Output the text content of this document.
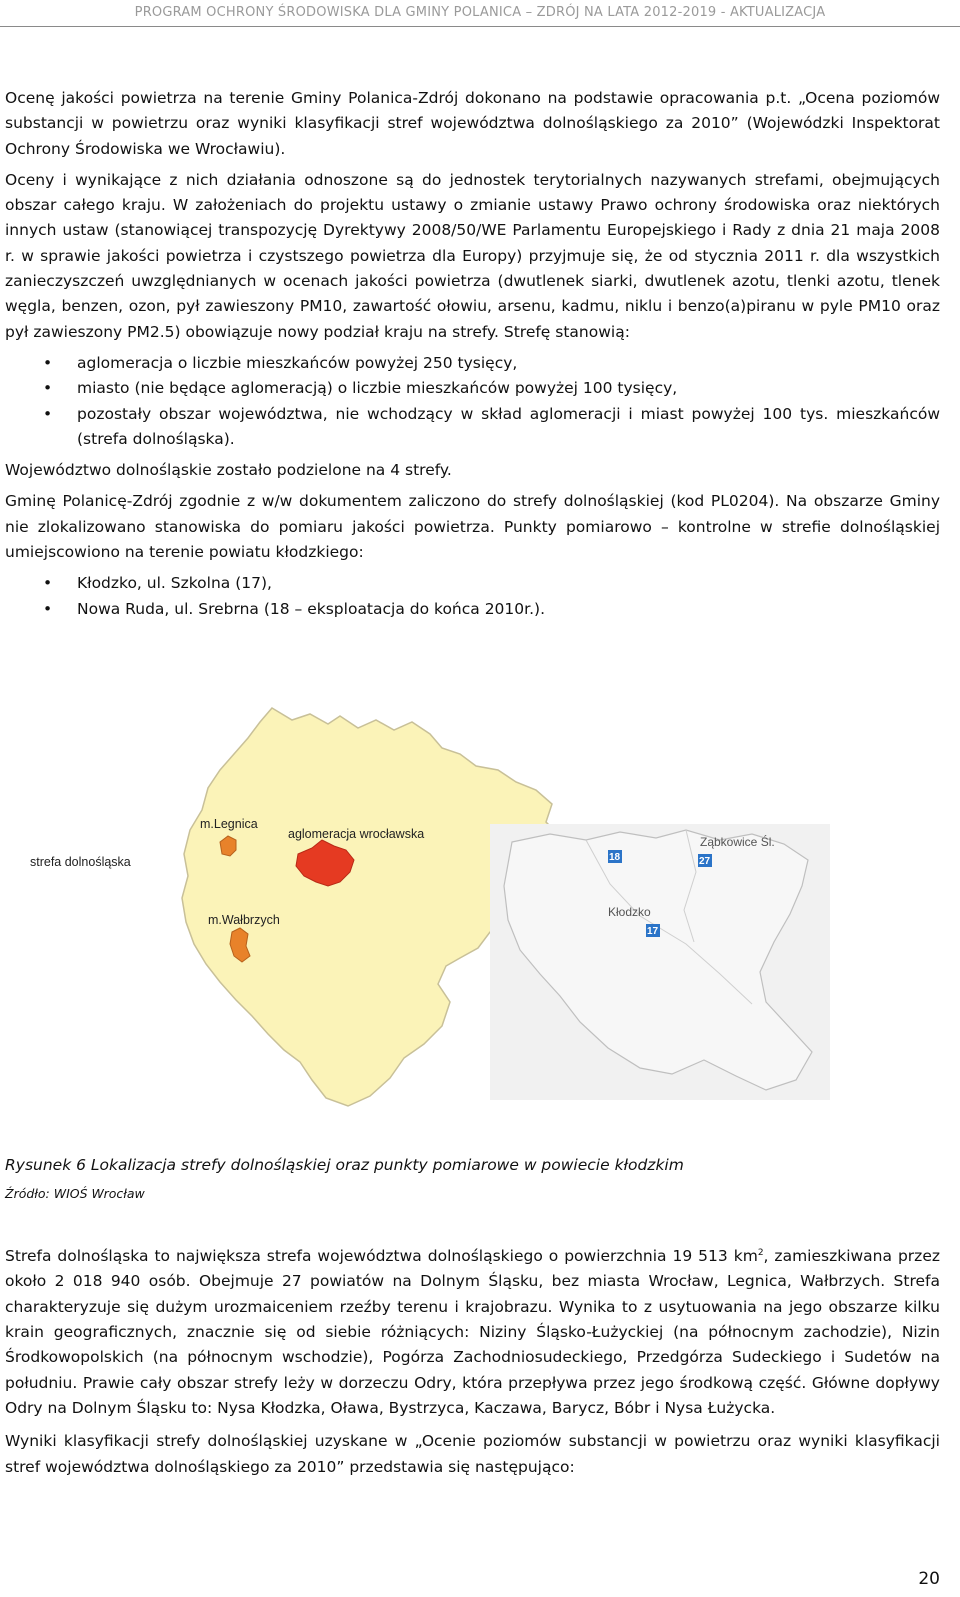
PROGRAM OCHRONY ŚRODOWISKA DLA GMINY POLANICA – ZDRÓJ NA LATA 2012-2019 - AKTUALIZACJA

Ocenę jakości powietrza na terenie Gminy Polanica-Zdrój dokonano na podstawie opracowania p.t. „Ocena poziomów substancji w powietrzu oraz wyniki klasyfikacji stref województwa dolnośląskiego za 2010” (Wojewódzki Inspektorat Ochrony Środowiska we Wrocławiu).

Oceny i wynikające z nich działania odnoszone są do jednostek terytorialnych nazywanych strefami, obejmujących obszar całego kraju. W założeniach do projektu ustawy o zmianie ustawy Prawo ochrony środowiska oraz niektórych innych ustaw (stanowiącej transpozycję Dyrektywy 2008/50/WE Parlamentu Europejskiego i Rady z dnia 21 maja 2008 r. w sprawie jakości powietrza i czystszego powietrza dla Europy) przyjmuje się, że od stycznia 2011 r. dla wszystkich zanieczyszczeń uwzględnianych w ocenach jakości powietrza (dwutlenek siarki, dwutlenek azotu, tlenki azotu, tlenek węgla, benzen, ozon, pył zawieszony PM10, zawartość ołowiu, arsenu, kadmu, niklu i benzo(a)piranu w pyle PM10 oraz pył zawieszony PM2.5) obowiązuje nowy podział kraju na strefy. Strefę stanowią:

• aglomeracja o liczbie mieszkańców powyżej 250 tysięcy,
• miasto (nie będące aglomeracją) o liczbie mieszkańców powyżej 100 tysięcy,
• pozostały obszar województwa, nie wchodzący w skład aglomeracji i miast powyżej 100 tys. mieszkańców (strefa dolnośląska).

Województwo dolnośląskie zostało podzielone na 4 strefy.

Gminę Polanicę-Zdrój zgodnie z w/w dokumentem zaliczono do strefy dolnośląskiej (kod PL0204). Na obszarze Gminy nie zlokalizowano stanowiska do pomiaru jakości powietrza. Punkty pomiarowo – kontrolne w strefie dolnośląskiej umiejscowiono na terenie powiatu kłodzkiego:

• Kłodzko, ul. Szkolna (17),
• Nowa Ruda, ul. Srebrna (18 – eksploatacja do końca 2010r.).
m.Legnica
aglomeracja wrocławska
strefa dolnośląska
m.Wałbrzych
Ząbkowice Śl.
Kłodzko
18	27
17
Rysunek 6 Lokalizacja strefy dolnośląskiej oraz punkty pomiarowe w powiecie kłodzkim
Źródło: WIOŚ Wrocław

Strefa dolnośląska to największa strefa województwa dolnośląskiego o powierzchnia 19 513 $km^2$, zamieszkiwana przez około 2 018 940 osób. Obejmuje 27 powiatów na Dolnym Śląsku, bez miasta Wrocław, Legnica, Wałbrzych. Strefa charakteryzuje się dużym urozmaiceniem rzeźby terenu i krajobrazu. Wynika to z usytuowania na jego obszarze kilku krain geograficznych, znacznie się od siebie różniących: Niziny Śląsko-Łużyckiej (na północnym zachodzie), Nizin Środkowopolskich (na północnym wschodzie), Pogórza Zachodniosudeckiego, Przedgórza Sudeckiego i Sudetów na południu. Prawie cały obszar strefy leży w dorzeczu Odry, która przepływa przez jego środkową część. Główne dopływy Odry na Dolnym Śląsku to: Nysa Kłodzka, Oława, Bystrzyca, Kaczawa, Barycz, Bóbr i Nysa Łużycka.

Wyniki klasyfikacji strefy dolnośląskiej uzyskane w „Ocenie poziomów substancji w powietrzu oraz wyniki klasyfikacji stref województwa dolnośląskiego za 2010” przedstawia się następująco:

20
